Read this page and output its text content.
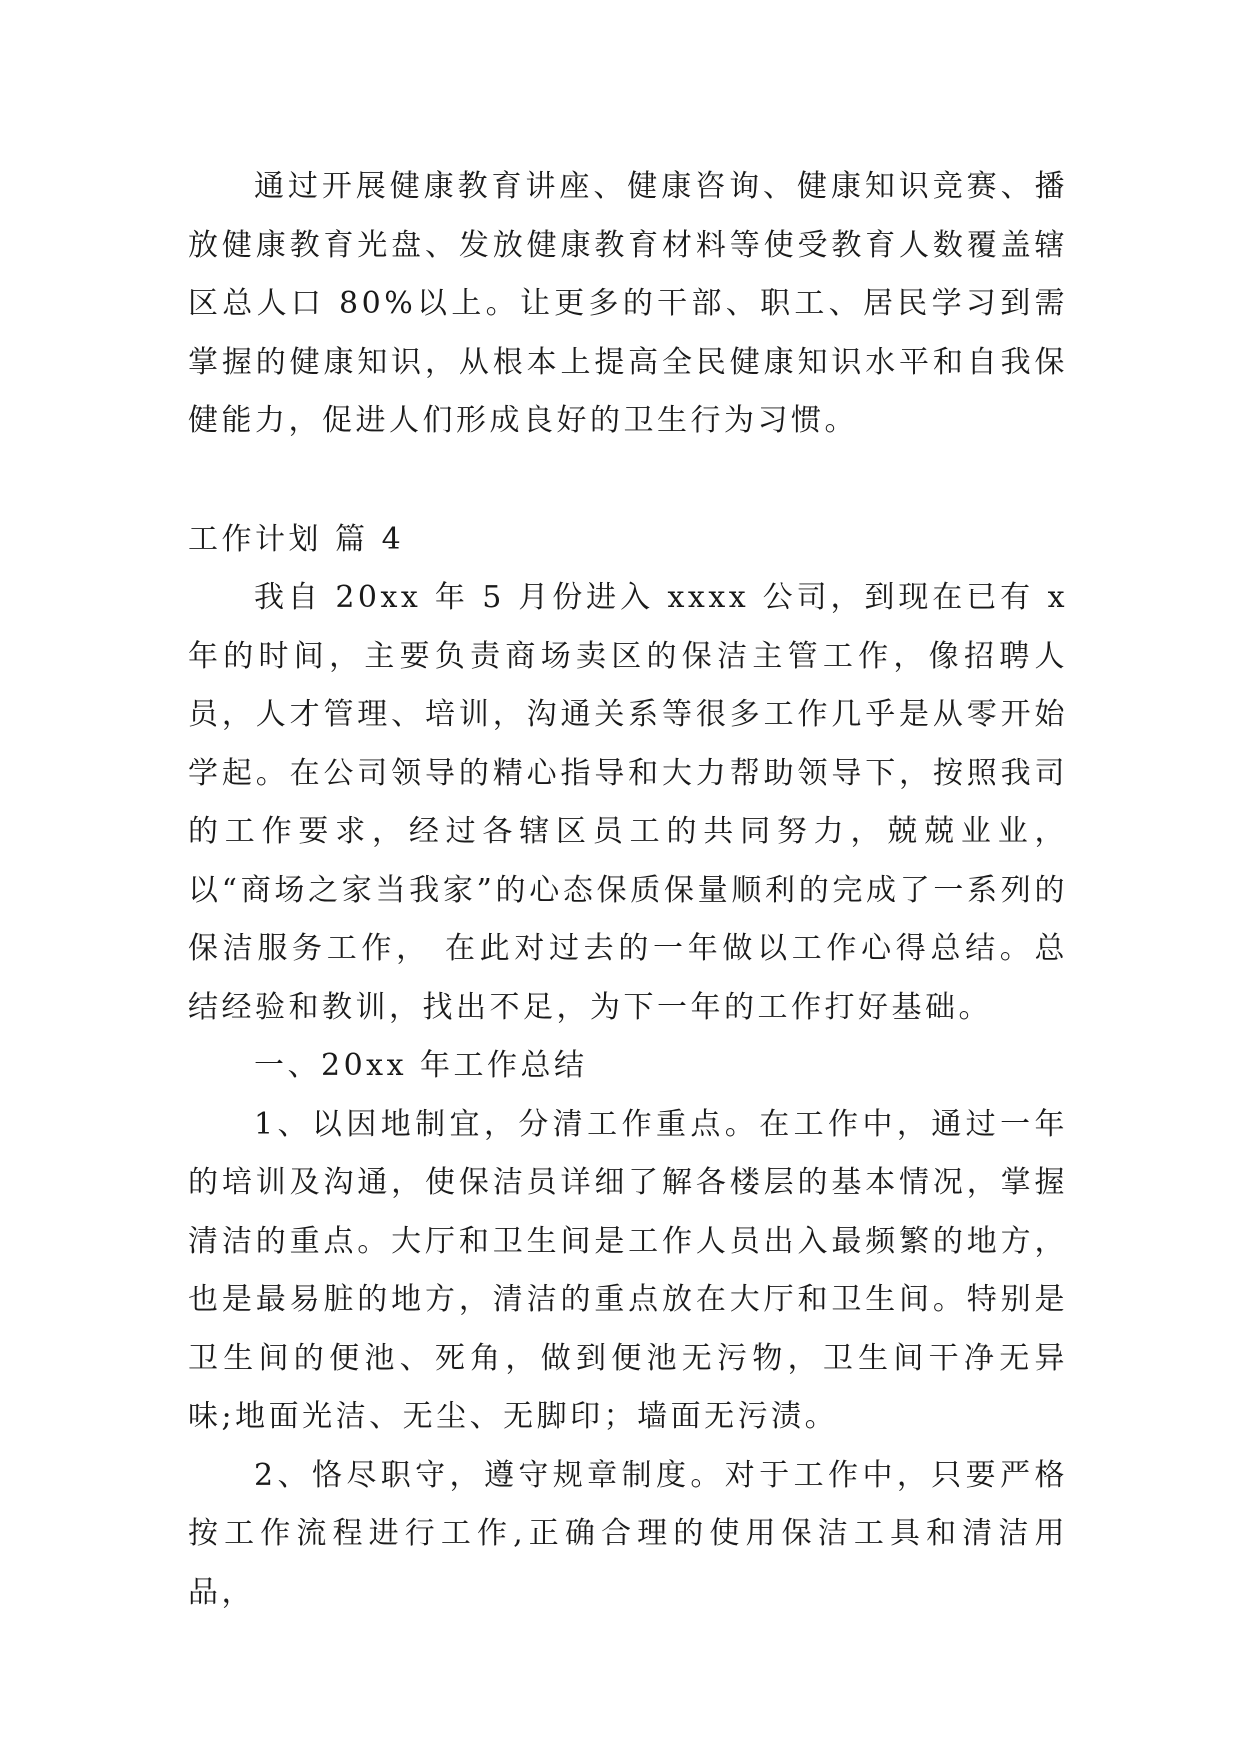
通过开展健康教育讲座、健康咨询、健康知识竞赛、播放健康教育光盘、发放健康教育材料等使受教育人数覆盖辖区总人口 80%以上。让更多的干部、职工、居民学习到需掌握的健康知识，从根本上提高全民健康知识水平和自我保健能力，促进人们形成良好的卫生行为习惯。

工作计划 篇 4

我自 20xx 年 5 月份进入 xxxx 公司，到现在已有 x 年的时间，主要负责商场卖区的保洁主管工作，像招聘人员，人才管理、培训，沟通关系等很多工作几乎是从零开始学起。在公司领导的精心指导和大力帮助领导下，按照我司的工作要求，经过各辖区员工的共同努力，兢兢业业，以“商场之家当我家”的心态保质保量顺利的完成了一系列的保洁服务工作， 在此对过去的一年做以工作心得总结。总结经验和教训，找出不足，为下一年的工作打好基础。

一、20xx 年工作总结

1、以因地制宜，分清工作重点。在工作中，通过一年的培训及沟通，使保洁员详细了解各楼层的基本情况，掌握清洁的重点。大厅和卫生间是工作人员出入最频繁的地方，也是最易脏的地方，清洁的重点放在大厅和卫生间。特别是卫生间的便池、死角，做到便池无污物，卫生间干净无异味;地面光洁、无尘、无脚印；墙面无污渍。

2、恪尽职守，遵守规章制度。对于工作中，只要严格按工作流程进行工作,正确合理的使用保洁工具和清洁用品，
